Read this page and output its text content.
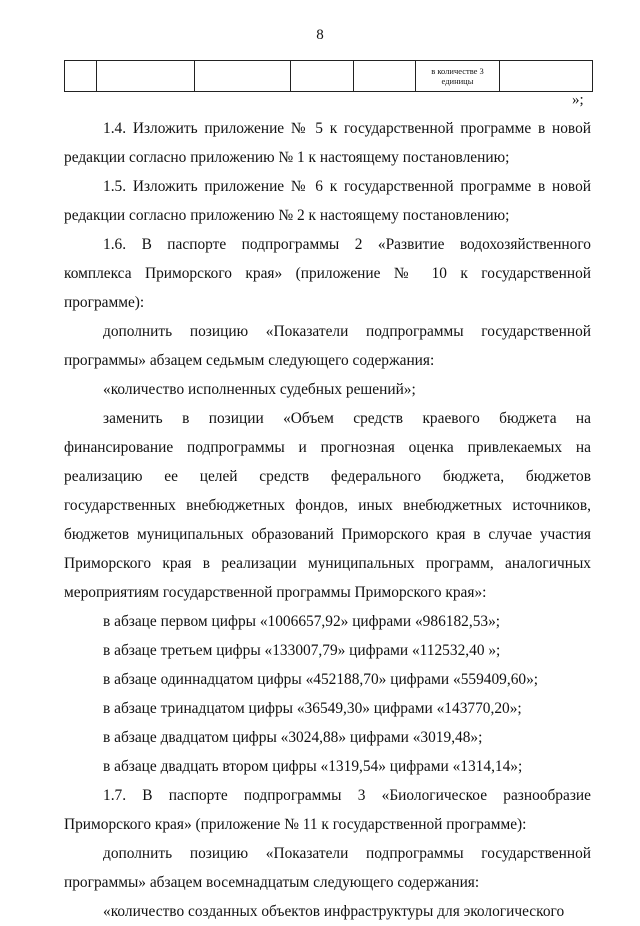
8
					в количестве 3 единицы	
»;
1.4. Изложить приложение № 5 к государственной программе в новой редакции согласно приложению № 1 к настоящему постановлению;
1.5. Изложить приложение № 6 к государственной программе в новой редакции согласно приложению № 2 к настоящему постановлению;
1.6. В паспорте подпрограммы 2 «Развитие водохозяйственного комплекса Приморского края» (приложение № 10 к государственной программе):
дополнить позицию «Показатели подпрограммы государственной программы» абзацем седьмым следующего содержания:
«количество исполненных судебных решений»;
заменить в позиции «Объем средств краевого бюджета на финансирование подпрограммы и прогнозная оценка привлекаемых на реализацию ее целей средств федерального бюджета, бюджетов государственных внебюджетных фондов, иных внебюджетных источников, бюджетов муниципальных образований Приморского края в случае участия Приморского края в реализации муниципальных программ, аналогичных мероприятиям государственной программы Приморского края»:
в абзаце первом цифры «1006657,92» цифрами «986182,53»;
в абзаце третьем цифры «133007,79» цифрами «112532,40 »;
в абзаце одиннадцатом цифры «452188,70» цифрами «559409,60»;
в абзаце тринадцатом цифры «36549,30» цифрами «143770,20»;
в абзаце двадцатом цифры «3024,88» цифрами «3019,48»;
в абзаце двадцать втором цифры «1319,54» цифрами «1314,14»;
1.7. В паспорте подпрограммы 3 «Биологическое разнообразие Приморского края» (приложение № 11 к государственной программе):
дополнить позицию «Показатели подпрограммы государственной программы» абзацем восемнадцатым следующего содержания:
«количество созданных объектов инфраструктуры для экологического
